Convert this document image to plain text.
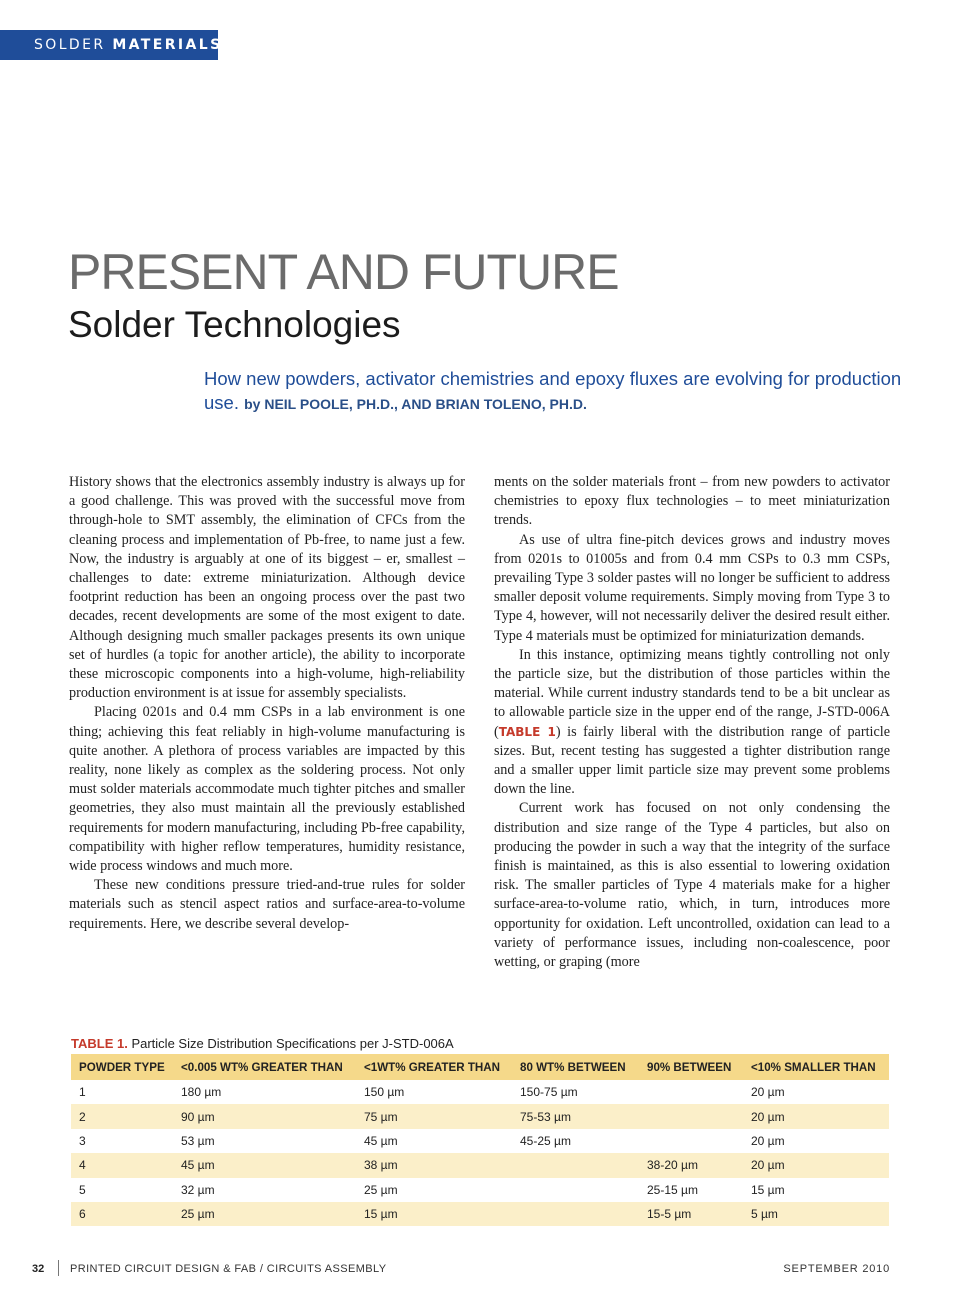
SOLDER MATERIALS
PRESENT AND FUTURE
Solder Technologies
How new powders, activator chemistries and epoxy fluxes are evolving for production use. by NEIL POOLE, PH.D., AND BRIAN TOLENO, PH.D.

History shows that the electronics assembly industry is always up for a good challenge. This was proved with the successful move from through-hole to SMT assembly, the elimination of CFCs from the cleaning process and implementation of Pb-free, to name just a few. Now, the industry is arguably at one of its biggest – er, smallest – challenges to date: extreme miniaturization. Although device footprint reduction has been an ongoing process over the past two decades, recent developments are some of the most exigent to date. Although designing much smaller packages presents its own unique set of hurdles (a topic for another article), the ability to incorporate these microscopic components into a high-volume, high-reliability production environment is at issue for assembly specialists.

Placing 0201s and 0.4 mm CSPs in a lab environment is one thing; achieving this feat reliably in high-volume manufacturing is quite another. A plethora of process variables are impacted by this reality, none likely as complex as the soldering process. Not only must solder materials accommodate much tighter pitches and smaller geometries, they also must maintain all the previously established requirements for modern manufacturing, including Pb-free capability, compatibility with higher reflow temperatures, humidity resistance, wide process windows and much more.

These new conditions pressure tried-and-true rules for solder materials such as stencil aspect ratios and surface-area-to-volume requirements. Here, we describe several develop-

ments on the solder materials front – from new powders to activator chemistries to epoxy flux technologies – to meet miniaturization trends.

As use of ultra fine-pitch devices grows and industry moves from 0201s to 01005s and from 0.4 mm CSPs to 0.3 mm CSPs, prevailing Type 3 solder pastes will no longer be sufficient to address smaller deposit volume requirements. Simply moving from Type 3 to Type 4, however, will not necessarily deliver the desired result either. Type 4 materials must be optimized for miniaturization demands.

In this instance, optimizing means tightly controlling not only the particle size, but the distribution of those particles within the material. While current industry standards tend to be a bit unclear as to allowable particle size in the upper end of the range, J-STD-006A (TABLE 1) is fairly liberal with the distribution range of particle sizes. But, recent testing has suggested a tighter distribution range and a smaller upper limit particle size may prevent some problems down the line.

Current work has focused on not only condensing the distribution and size range of the Type 4 particles, but also on producing the powder in such a way that the integrity of the surface finish is maintained, as this is also essential to lowering oxidation risk. The smaller particles of Type 4 materials make for a higher surface-area-to-volume ratio, which, in turn, introduces more opportunity for oxidation. Left uncontrolled, oxidation can lead to a variety of performance issues, including non-coalescence, poor wetting, or graping (more

TABLE 1. Particle Size Distribution Specifications per J-STD-006A
POWDER TYPE	<0.005 WT% GREATER THAN	<1WT% GREATER THAN	80 WT% BETWEEN	90% BETWEEN	<10% SMALLER THAN
1	180 µm	150 µm	150-75 µm		20 µm
2	90 µm	75 µm	75-53 µm		20 µm
3	53 µm	45 µm	45-25 µm		20 µm
4	45 µm	38 µm		38-20 µm	20 µm
5	32 µm	25 µm		25-15 µm	15 µm
6	25 µm	15 µm		15-5 µm	5 µm
32 PRINTED CIRCUIT DESIGN & FAB / CIRCUITS ASSEMBLY	SEPTEMBER 2010
